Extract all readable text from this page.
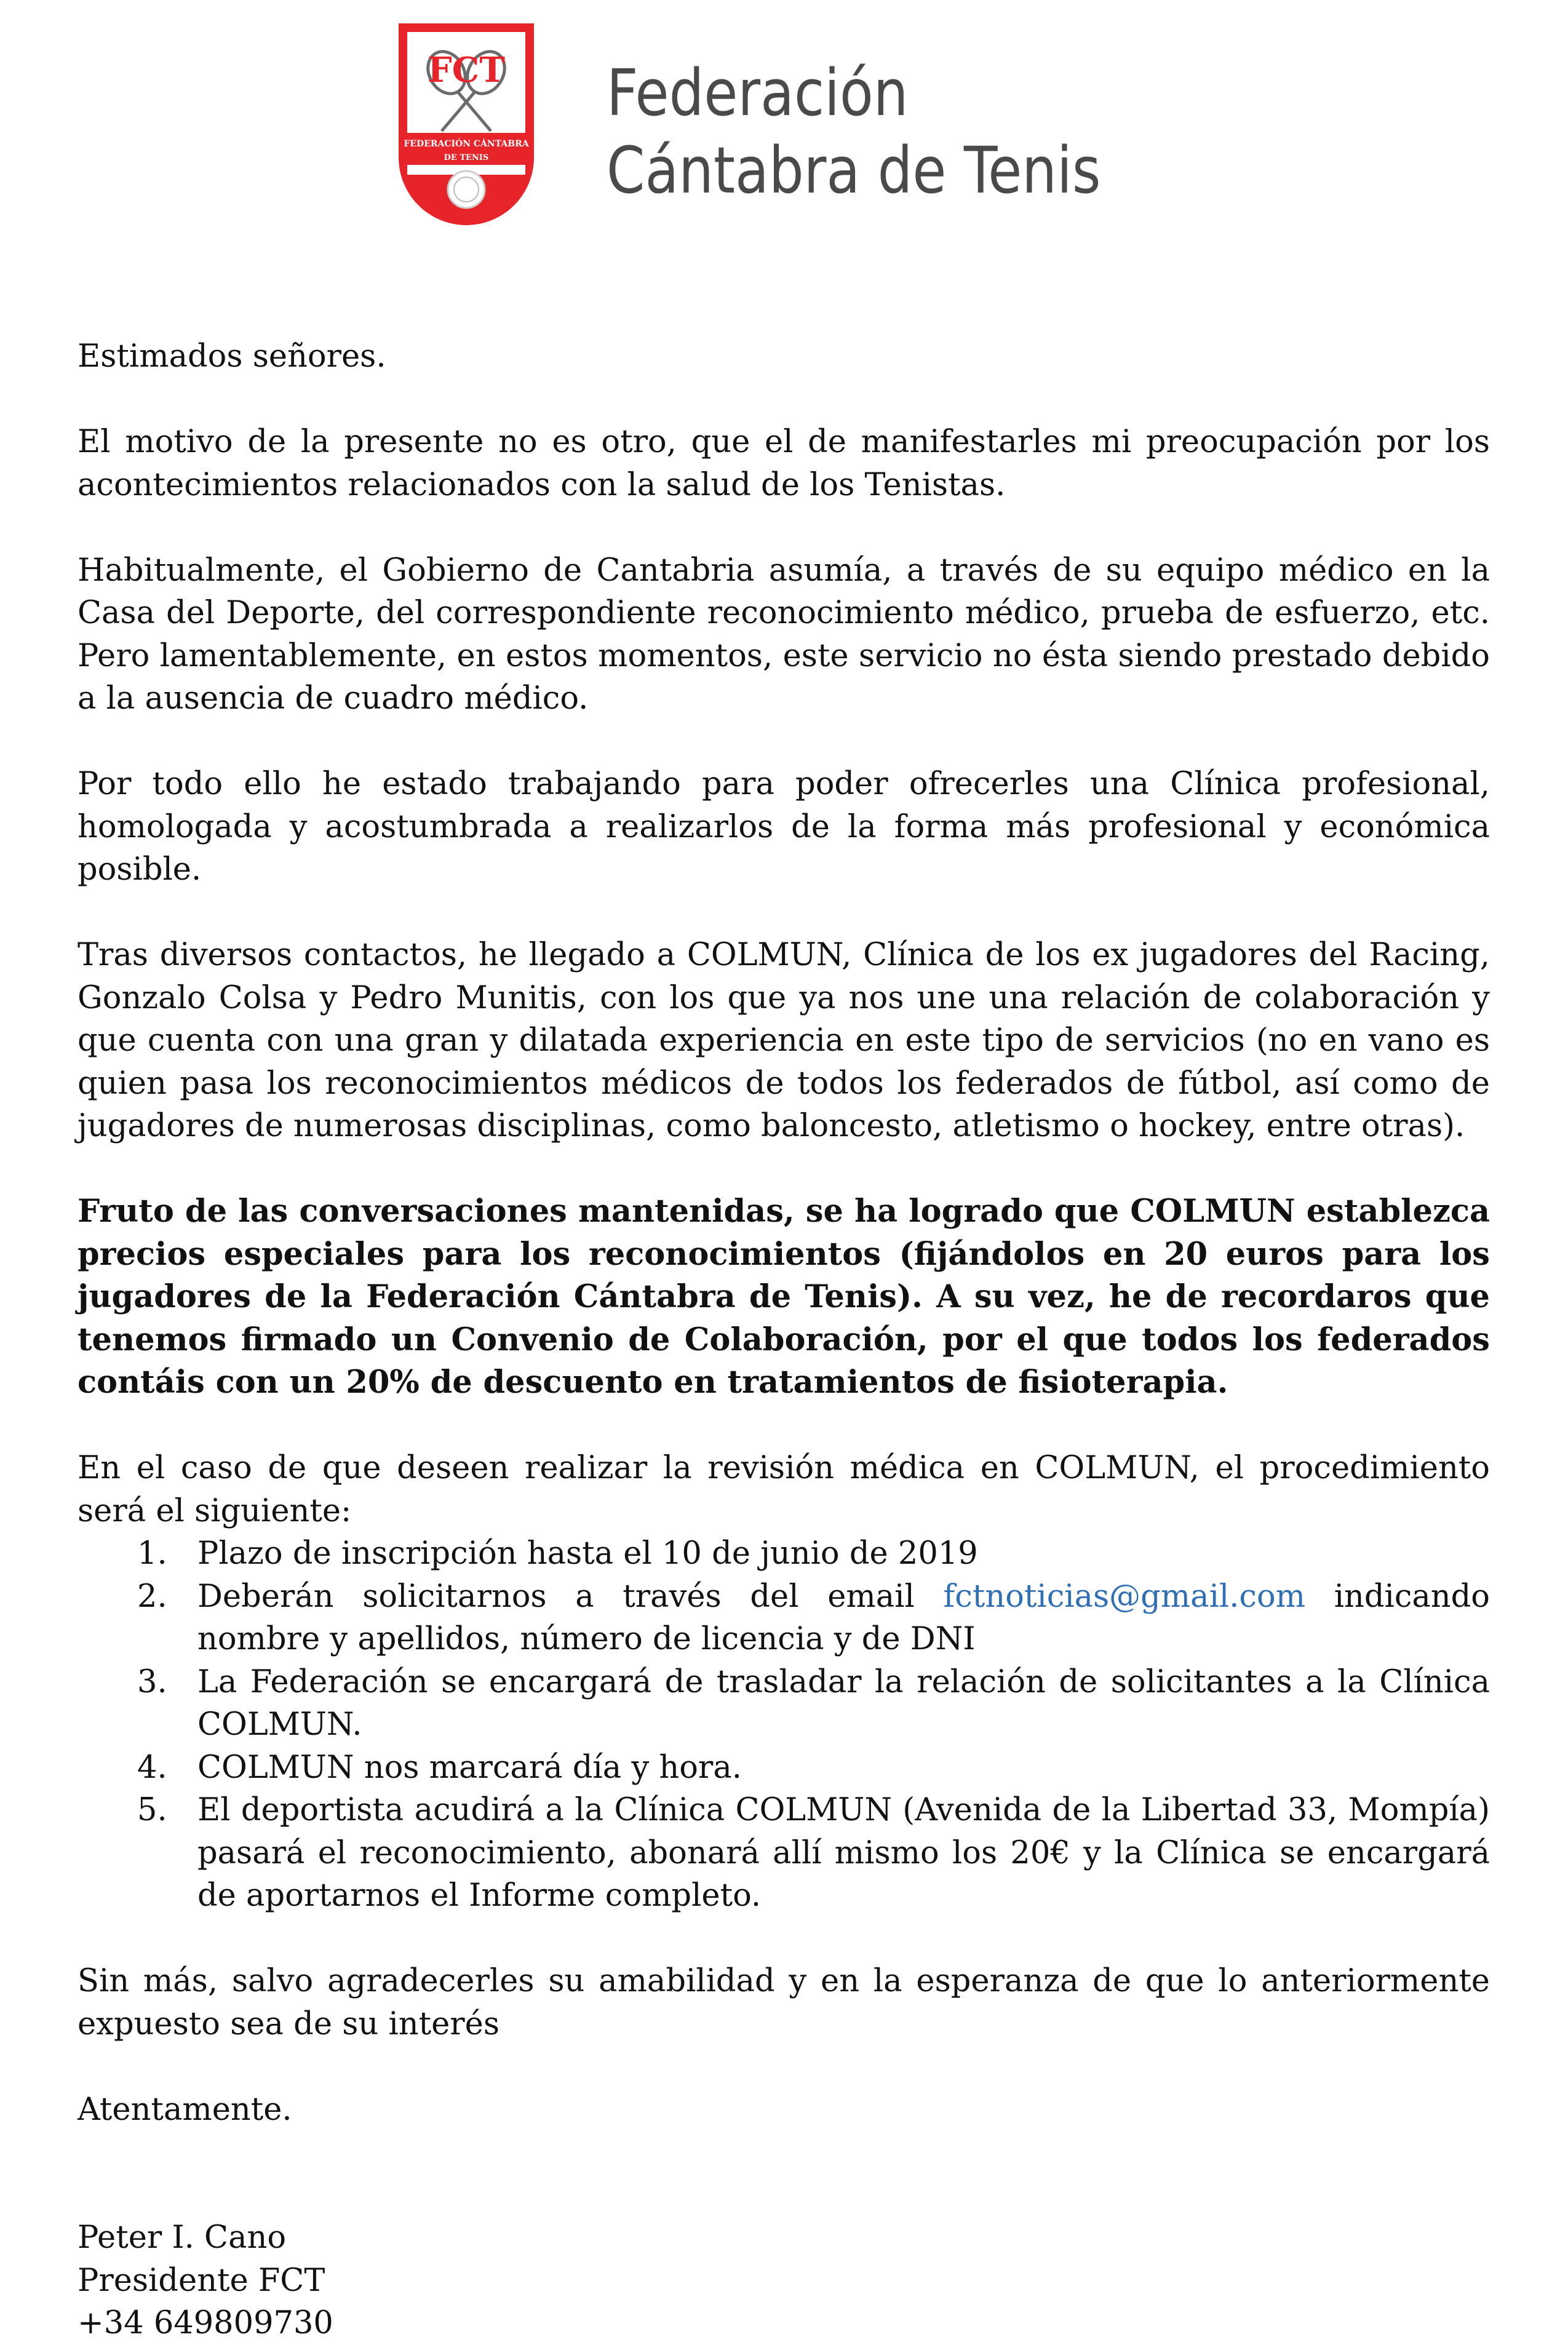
FCT
FEDERACIÓN CÁNTABRA
DE TENIS
Federación
Cántabra de Tenis

Estimados señores.

El motivo de la presente no es otro, que el de manifestarles mi preocupación por los acontecimientos relacionados con la salud de los Tenistas.

Habitualmente, el Gobierno de Cantabria asumía, a través de su equipo médico en la Casa del Deporte, del correspondiente reconocimiento médico, prueba de esfuerzo, etc. Pero lamentablemente, en estos momentos, este servicio no ésta siendo prestado debido a la ausencia de cuadro médico.

Por todo ello he estado trabajando para poder ofrecerles una Clínica profesional, homologada y acostumbrada a realizarlos de la forma más profesional y económica posible.

Tras diversos contactos, he llegado a COLMUN, Clínica de los ex jugadores del Racing, Gonzalo Colsa y Pedro Munitis, con los que ya nos une una relación de colaboración y que cuenta con una gran y dilatada experiencia en este tipo de servicios (no en vano es quien pasa los reconocimientos médicos de todos los federados de fútbol, así como de jugadores de numerosas disciplinas, como baloncesto, atletismo o hockey, entre otras).

Fruto de las conversaciones mantenidas, se ha logrado que COLMUN establezca precios especiales para los reconocimientos (fijándolos en 20 euros para los jugadores de la Federación Cántabra de Tenis). A su vez, he de recordaros que tenemos firmado un Convenio de Colaboración, por el que todos los federados contáis con un 20% de descuento en tratamientos de fisioterapia.

En el caso de que deseen realizar la revisión médica en COLMUN, el procedimiento será el siguiente:

1. Plazo de inscripción hasta el 10 de junio de 2019
2. Deberán solicitarnos a través del email fctnoticias@gmail.com indicando nombre y apellidos, número de licencia y de DNI
3. La Federación se encargará de trasladar la relación de solicitantes a la Clínica COLMUN.
4. COLMUN nos marcará día y hora.
5. El deportista acudirá a la Clínica COLMUN (Avenida de la Libertad 33, Mompía) pasará el reconocimiento, abonará allí mismo los 20€ y la Clínica se encargará de aportarnos el Informe completo.

Sin más, salvo agradecerles su amabilidad y en la esperanza de que lo anteriormente expuesto sea de su interés

Atentamente.

Peter I. Cano
Presidente FCT
+34 649809730
